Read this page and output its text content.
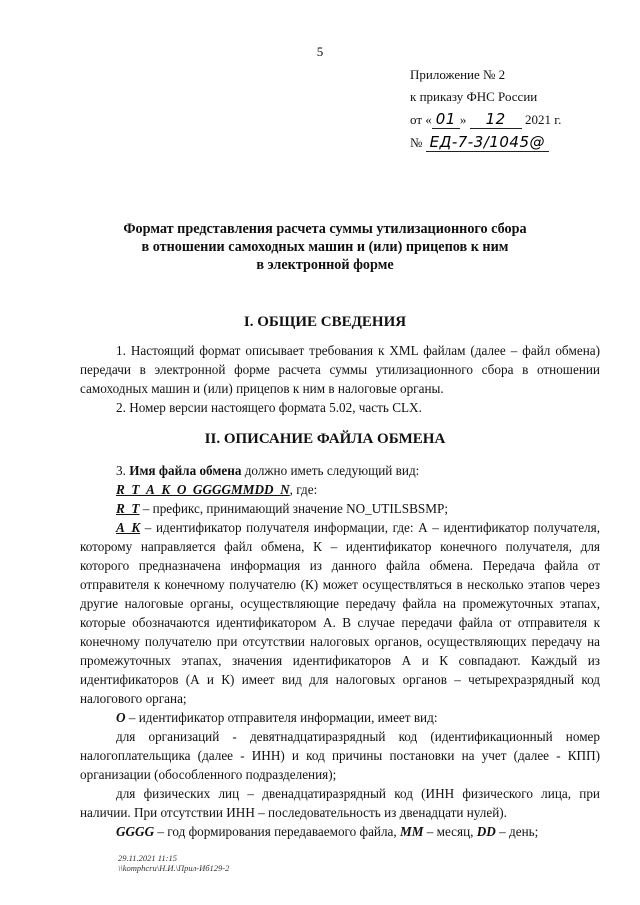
5
Приложение № 2
к приказу ФНС России
от « 01 » 12 2021 г.
№ ЕД-7-3/1045@
Формат представления расчета суммы утилизационного сбора
в отношении самоходных машин и (или) прицепов к ним
в электронной форме
I. ОБЩИЕ СВЕДЕНИЯ

1. Настоящий формат описывает требования к XML файлам (далее – файл обмена) передачи в электронной форме расчета суммы утилизационного сбора в отношении самоходных машин и (или) прицепов к ним в налоговые органы.

2. Номер версии настоящего формата 5.02, часть CLX.

II. ОПИСАНИЕ ФАЙЛА ОБМЕНА

3. Имя файла обмена должно иметь следующий вид:

R_T_A_K_O_GGGGMMDD_N, где:

R_T – префикс, принимающий значение NO_UTILSBSMP;

A_K – идентификатор получателя информации, где: А – идентификатор получателя, которому направляется файл обмена, К – идентификатор конечного получателя, для которого предназначена информация из данного файла обмена. Передача файла от отправителя к конечному получателю (К) может осуществляться в несколько этапов через другие налоговые органы, осуществляющие передачу файла на промежуточных этапах, которые обозначаются идентификатором А. В случае передачи файла от отправителя к конечному получателю при отсутствии налоговых органов, осуществляющих передачу на промежуточных этапах, значения идентификаторов А и К совпадают. Каждый из идентификаторов (А и К) имеет вид для налоговых органов – четырехразрядный код налогового органа;

O – идентификатор отправителя информации, имеет вид:

для организаций - девятнадцатиразрядный код (идентификационный номер налогоплательщика (далее - ИНН) и код причины постановки на учет (далее - КПП) организации (обособленного подразделения);

для физических лиц – двенадцатиразрядный код (ИНН физического лица, при наличии. При отсутствии ИНН – последовательность из двенадцати нулей).

GGGG – год формирования передаваемого файла, MM – месяц, DD – день;

29.11.2021 11:15
\\komphcru\Н.И.\Прил-Иб129-2
